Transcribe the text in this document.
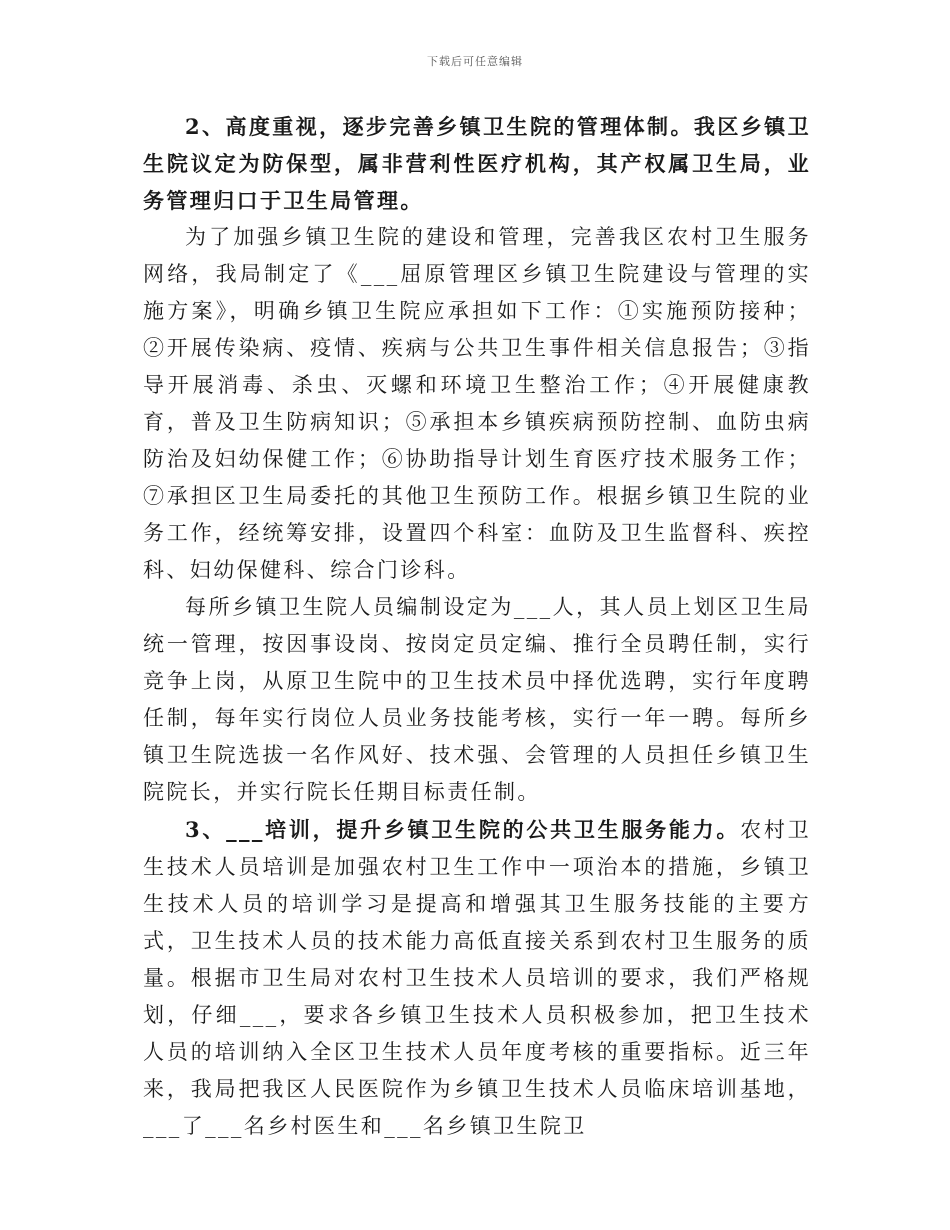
下载后可任意编辑

2、高度重视，逐步完善乡镇卫生院的管理体制。我区乡镇卫生院议定为防保型，属非营利性医疗机构，其产权属卫生局，业务管理归口于卫生局管理。

为了加强乡镇卫生院的建设和管理，完善我区农村卫生服务网络，我局制定了《___屈原管理区乡镇卫生院建设与管理的实施方案》，明确乡镇卫生院应承担如下工作：①实施预防接种；②开展传染病、疫情、疾病与公共卫生事件相关信息报告；③指导开展消毒、杀虫、灭螺和环境卫生整治工作；④开展健康教育，普及卫生防病知识；⑤承担本乡镇疾病预防控制、血防虫病防治及妇幼保健工作；⑥协助指导计划生育医疗技术服务工作；⑦承担区卫生局委托的其他卫生预防工作。根据乡镇卫生院的业务工作，经统筹安排，设置四个科室：血防及卫生监督科、疾控科、妇幼保健科、综合门诊科。

每所乡镇卫生院人员编制设定为___人，其人员上划区卫生局统一管理，按因事设岗、按岗定员定编、推行全员聘任制，实行竞争上岗，从原卫生院中的卫生技术员中择优选聘，实行年度聘任制，每年实行岗位人员业务技能考核，实行一年一聘。每所乡镇卫生院选拔一名作风好、技术强、会管理的人员担任乡镇卫生院院长，并实行院长任期目标责任制。

3、___培训，提升乡镇卫生院的公共卫生服务能力。农村卫生技术人员培训是加强农村卫生工作中一项治本的措施，乡镇卫生技术人员的培训学习是提高和增强其卫生服务技能的主要方式，卫生技术人员的技术能力高低直接关系到农村卫生服务的质量。根据市卫生局对农村卫生技术人员培训的要求，我们严格规划，仔细___，要求各乡镇卫生技术人员积极参加，把卫生技术人员的培训纳入全区卫生技术人员年度考核的重要指标。近三年来，我局把我区人民医院作为乡镇卫生技术人员临床培训基地，___了___名乡村医生和___名乡镇卫生院卫
